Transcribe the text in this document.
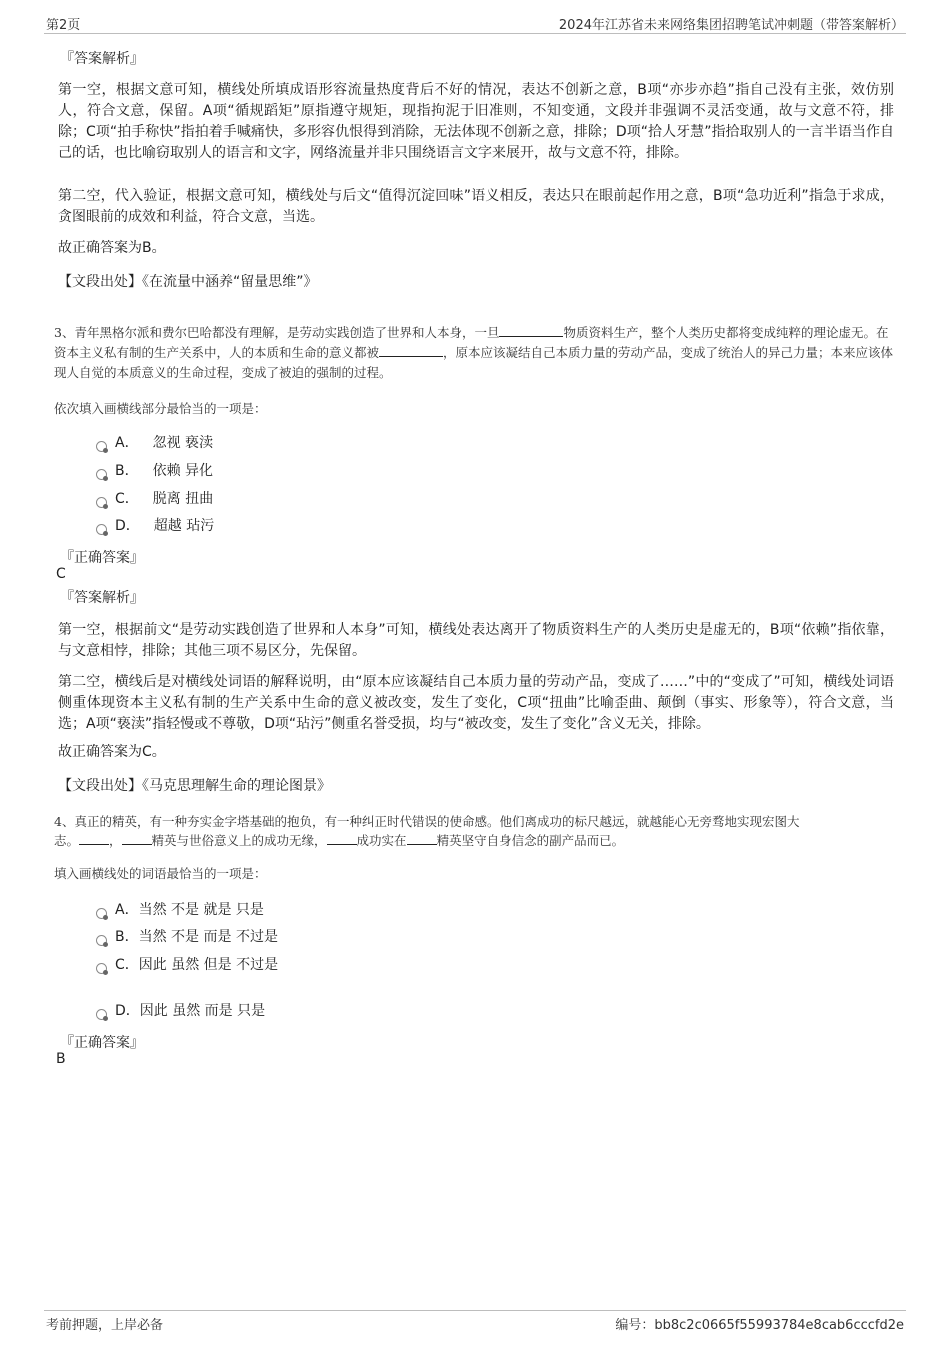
第2页	2024年江苏省未来网络集团招聘笔试冲刺题（带答案解析）
『答案解析』
第一空，根据文意可知，横线处所填成语形容流量热度背后不好的情况，表达不创新之意，B项“亦步亦趋”指自己没有主张，效仿别人，符合文意，保留。A项“循规蹈矩”原指遵守规矩，现指拘泥于旧准则，不知变通，文段并非强调不灵活变通，故与文意不符，排除；C项“拍手称快”指拍着手喊痛快，多形容仇恨得到消除，无法体现不创新之意，排除；D项“拾人牙慧”指拾取别人的一言半语当作自己的话，也比喻窃取别人的语言和文字，网络流量并非只围绕语言文字来展开，故与文意不符，排除。
第二空，代入验证，根据文意可知，横线处与后文“值得沉淀回味”语义相反，表达只在眼前起作用之意，B项“急功近利”指急于求成，贪图眼前的成效和利益，符合文意，当选。
故正确答案为B。
【文段出处】《在流量中涵养“留量思维”》
3、青年黑格尔派和费尔巴哈都没有理解，是劳动实践创造了世界和人本身，一旦	物质资料生产，整个人类历史都将变成纯粹的理论虚无。在资本主义私有制的生产关系中，人的本质和生命的意义都被	，原本应该凝结自己本质力量的劳动产品，变成了统治人的异己力量；本来应该体现人自觉的本质意义的生命过程，变成了被迫的强制的过程。
依次填入画横线部分最恰当的一项是：
A． 忽视 亵渎
B． 依赖 异化
C． 脱离 扭曲
D． 超越 玷污
『正确答案』
C
『答案解析』
第一空，根据前文“是劳动实践创造了世界和人本身”可知，横线处表达离开了物质资料生产的人类历史是虚无的，B项“依赖”指依靠，与文意相悖，排除；其他三项不易区分，先保留。
第二空，横线后是对横线处词语的解释说明，由“原本应该凝结自己本质力量的劳动产品，变成了……”中的“变成了”可知，横线处词语侧重体现资本主义私有制的生产关系中生命的意义被改变，发生了变化，C项“扭曲”比喻歪曲、颠倒（事实、形象等），符合文意，当选；A项“亵渎”指轻慢或不尊敬，D项“玷污”侧重名誉受损，均与“被改变，发生了变化”含义无关，排除。
故正确答案为C。
【文段出处】《马克思理解生命的理论图景》
4、真正的精英，有一种夯实金字塔基础的抱负，有一种纠正时代错误的使命感。他们离成功的标尺越远，就越能心无旁骛地实现宏图大
志。 ， 精英与世俗意义上的成功无缘， 成功实在 精英坚守自身信念的副产品而已。
填入画横线处的词语最恰当的一项是：
A．当然 不是 就是 只是
B．当然 不是 而是 不过是
C．因此 虽然 但是 不过是
D．因此 虽然 而是 只是
『正确答案』
B
考前押题，上岸必备	编号：bb8c2c0665f55993784e8cab6cccfd2e
